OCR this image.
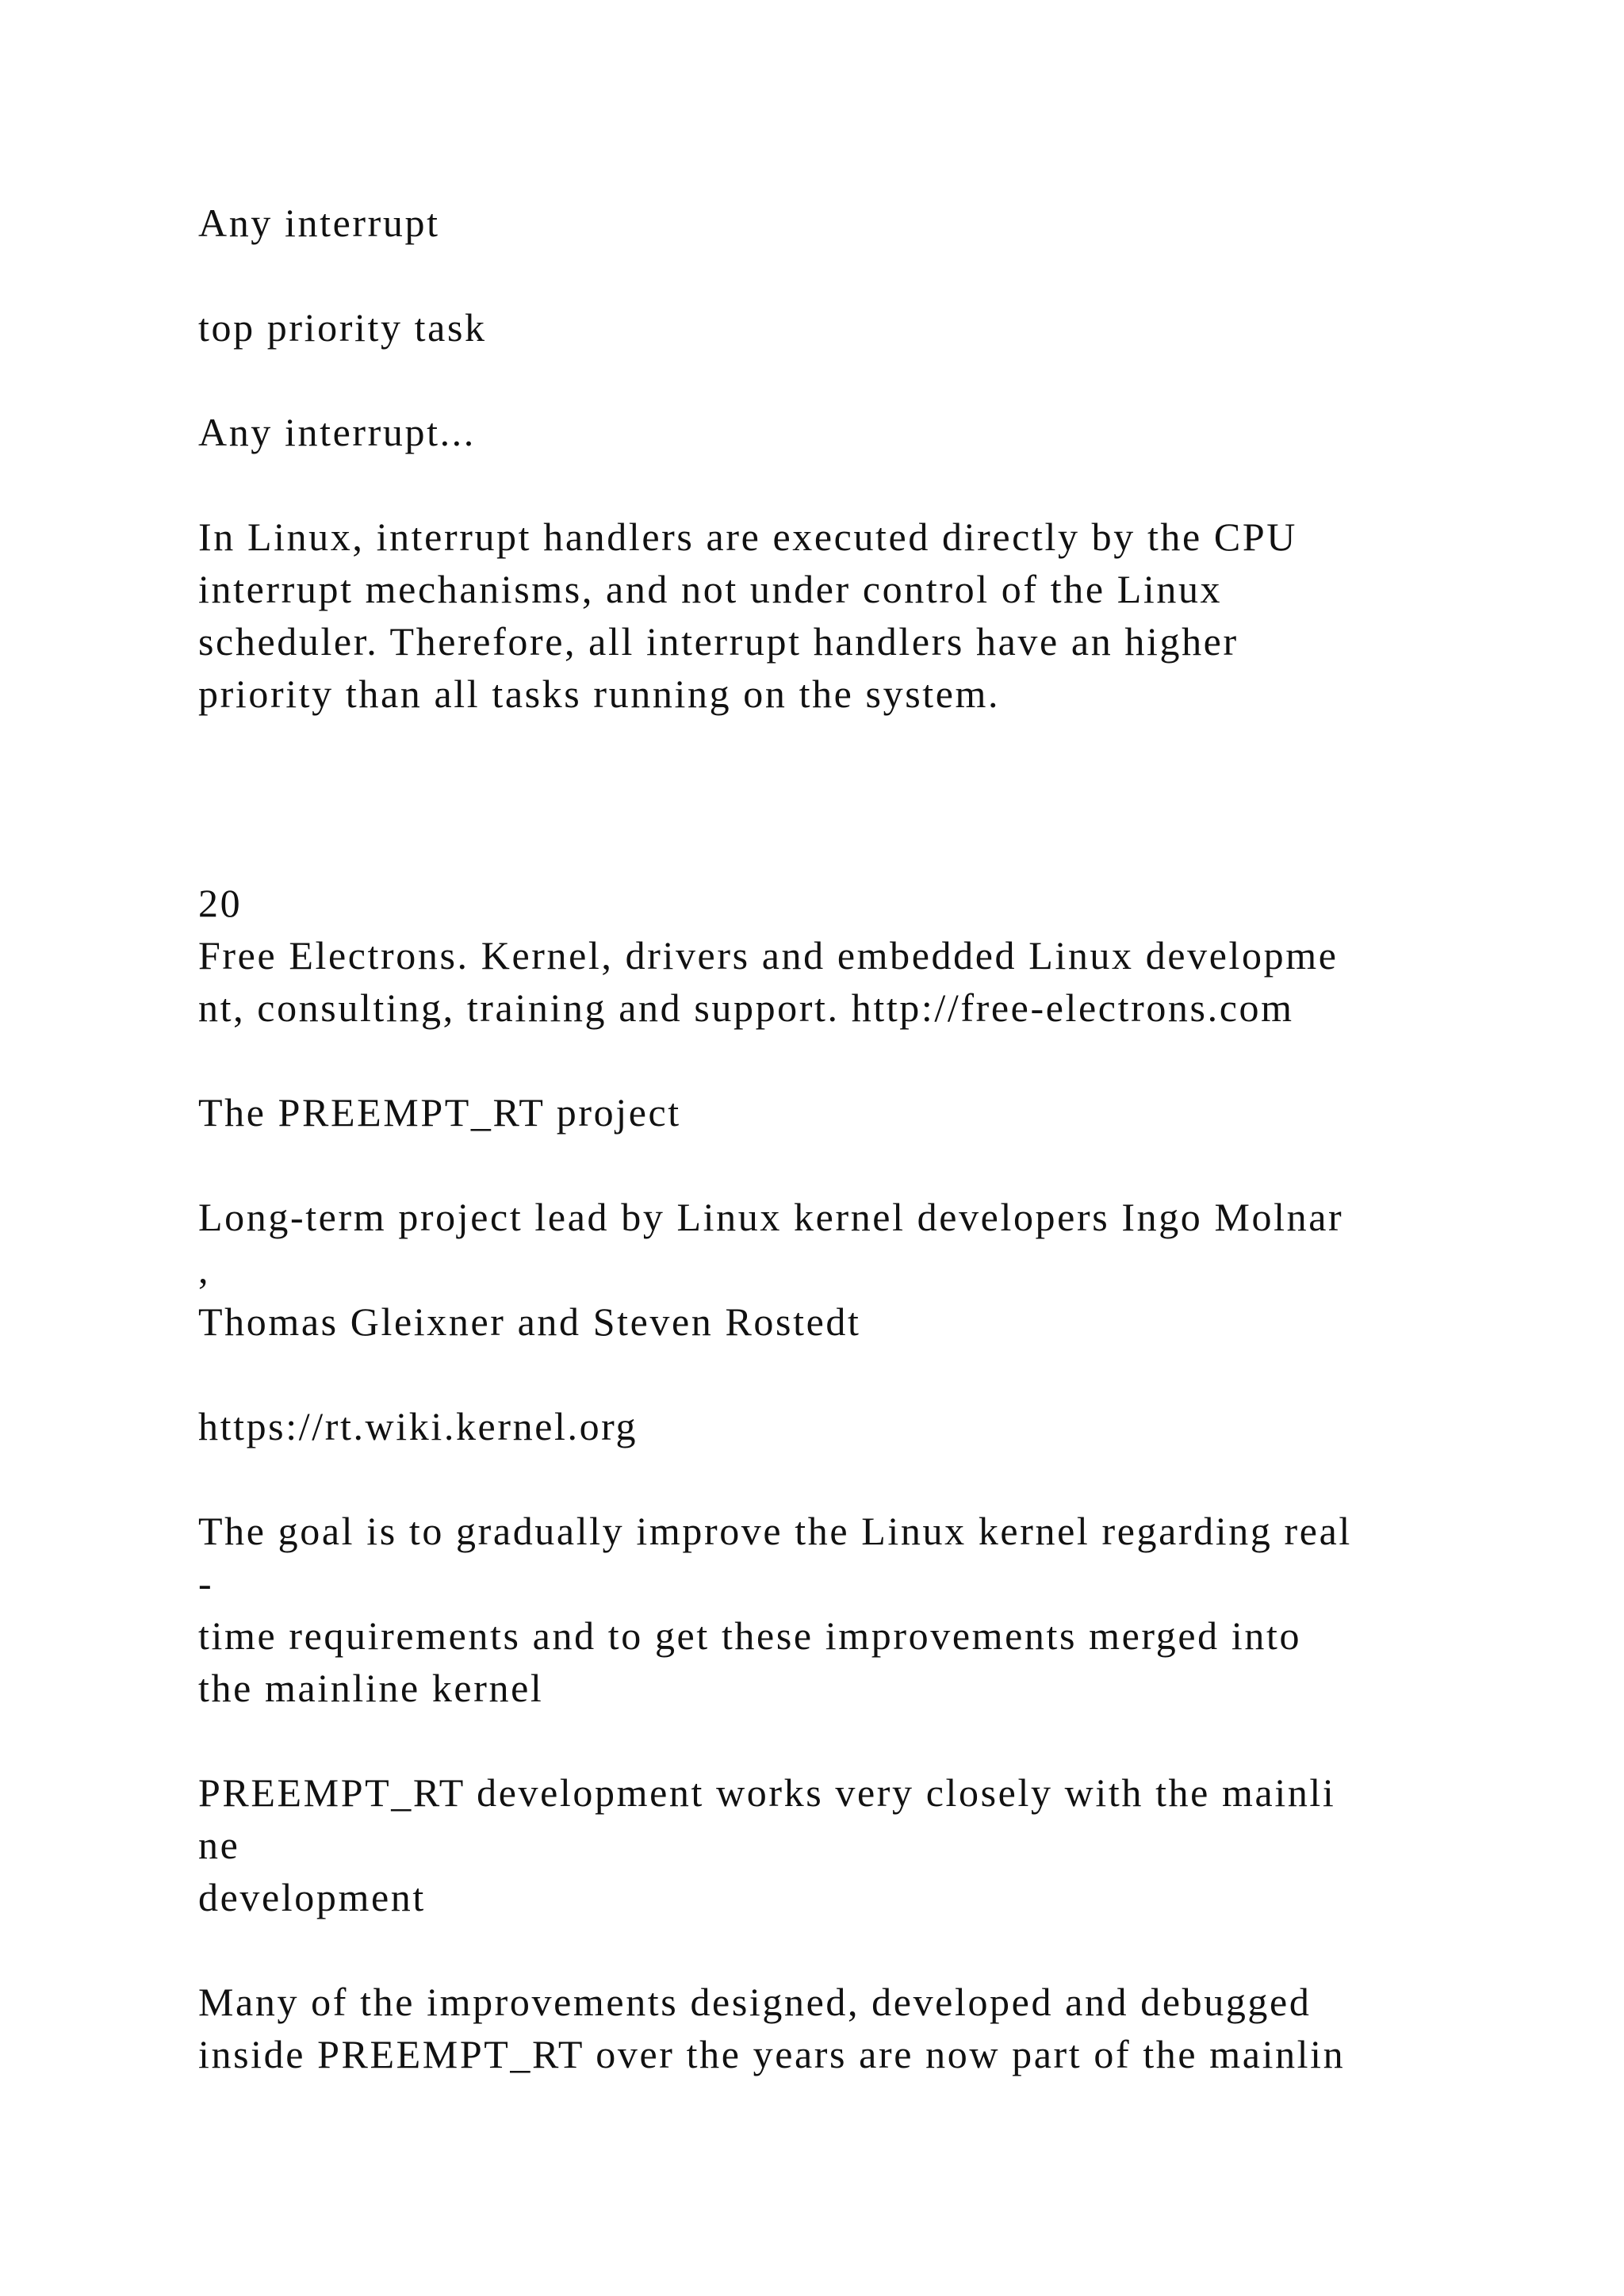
Any interrupt

top priority task

Any interrupt...

In Linux, interrupt handlers are executed directly by the CPU

interrupt mechanisms, and not under control of the Linux

scheduler. Therefore, all interrupt handlers have an higher

priority than all tasks running on the system.

20

Free Electrons. Kernel, drivers and embedded Linux developme

nt, consulting, training and support. http://free-electrons.com

The PREEMPT_RT project

Long-term project lead by Linux kernel developers Ingo Molnar

,

Thomas Gleixner and Steven Rostedt

https://rt.wiki.kernel.org

The goal is to gradually improve the Linux kernel regarding real

-

time requirements and to get these improvements merged into

the mainline kernel

PREEMPT_RT development works very closely with the mainli

ne

development

Many of the improvements designed, developed and debugged

inside PREEMPT_RT over the years are now part of the mainlin
